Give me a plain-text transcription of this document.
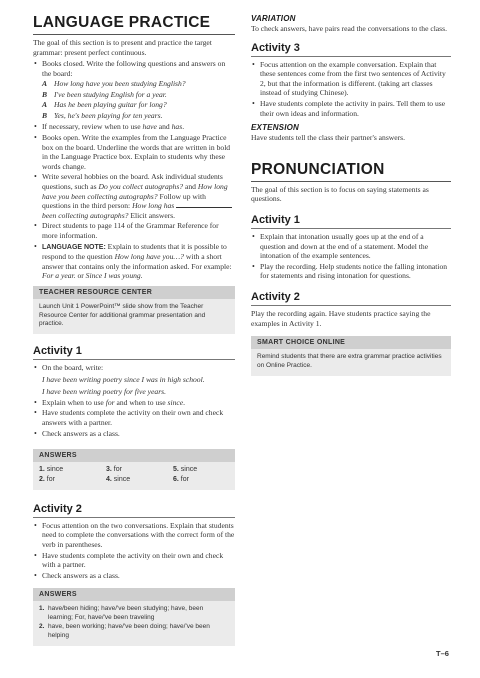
LANGUAGE PRACTICE

The goal of this section is to present and practice the target grammar: present perfect continuous.

• Books closed. Write the following questions and answers on the board:
A How long have you been studying English?
B I've been studying English for a year.
A Has he been playing guitar for long?
B Yes, he's been playing for ten years.
• If necessary, review when to use have and has.
• Books open. Write the examples from the Language Practice box on the board. Underline the words that are written in bold in the Language Practice box. Explain to students why these words change.
• Write several hobbies on the board. Ask individual students questions, such as Do you collect autographs? and How long have you been collecting autographs? Follow up with questions in the third person: How long has  been collecting autographs? Elicit answers.
• Direct students to page 114 of the Grammar Reference for more information.
• LANGUAGE NOTE: Explain to students that it is possible to respond to the question How long have you…? with a short answer that contains only the information asked. For example: For a year. or Since I was young.
TEACHER RESOURCE CENTER
Launch Unit 1 PowerPoint™ slide show from the Teacher Resource Center for additional grammar presentation and practice.
Activity 1
• On the board, write:
I have been writing poetry since I was in high school.
I have been writing poetry for five years.
• Explain when to use for and when to use since.
• Have students complete the activity on their own and check answers with a partner.
• Check answers as a class.
ANSWERS
1. since	3. for	5. since
2. for	4. since	6. for
Activity 2
• Focus attention on the two conversations. Explain that students need to complete the conversations with the correct form of the verb in parentheses.
• Have students complete the activity on their own and check with a partner.
• Check answers as a class.
ANSWERS
1. have/been hiding; have/'ve been studying; have, been learning; For, have/'ve been traveling
2. have, been working; have/'ve been doing; have/'ve been helping
VARIATION

To check answers, have pairs read the conversations to the class.

Activity 3
• Focus attention on the example conversation. Explain that these sentences come from the first two sentences of Activity 2, but that the information is different. (taking art classes instead of studying Chinese).
• Have students complete the activity in pairs. Tell them to use their own ideas and information.
EXTENSION

Have students tell the class their partner's answers.

PRONUNCIATION

The goal of this section is to focus on saying statements as questions.

Activity 1
• Explain that intonation usually goes up at the end of a question and down at the end of a statement. Model the intonation of the example sentences.
• Play the recording. Help students notice the falling intonation for statements and rising intonation for questions.
Activity 2

Play the recording again. Have students practice saying the examples in Activity 1.

SMART CHOICE ONLINE
Remind students that there are extra grammar practice activities on Online Practice.
T–6
